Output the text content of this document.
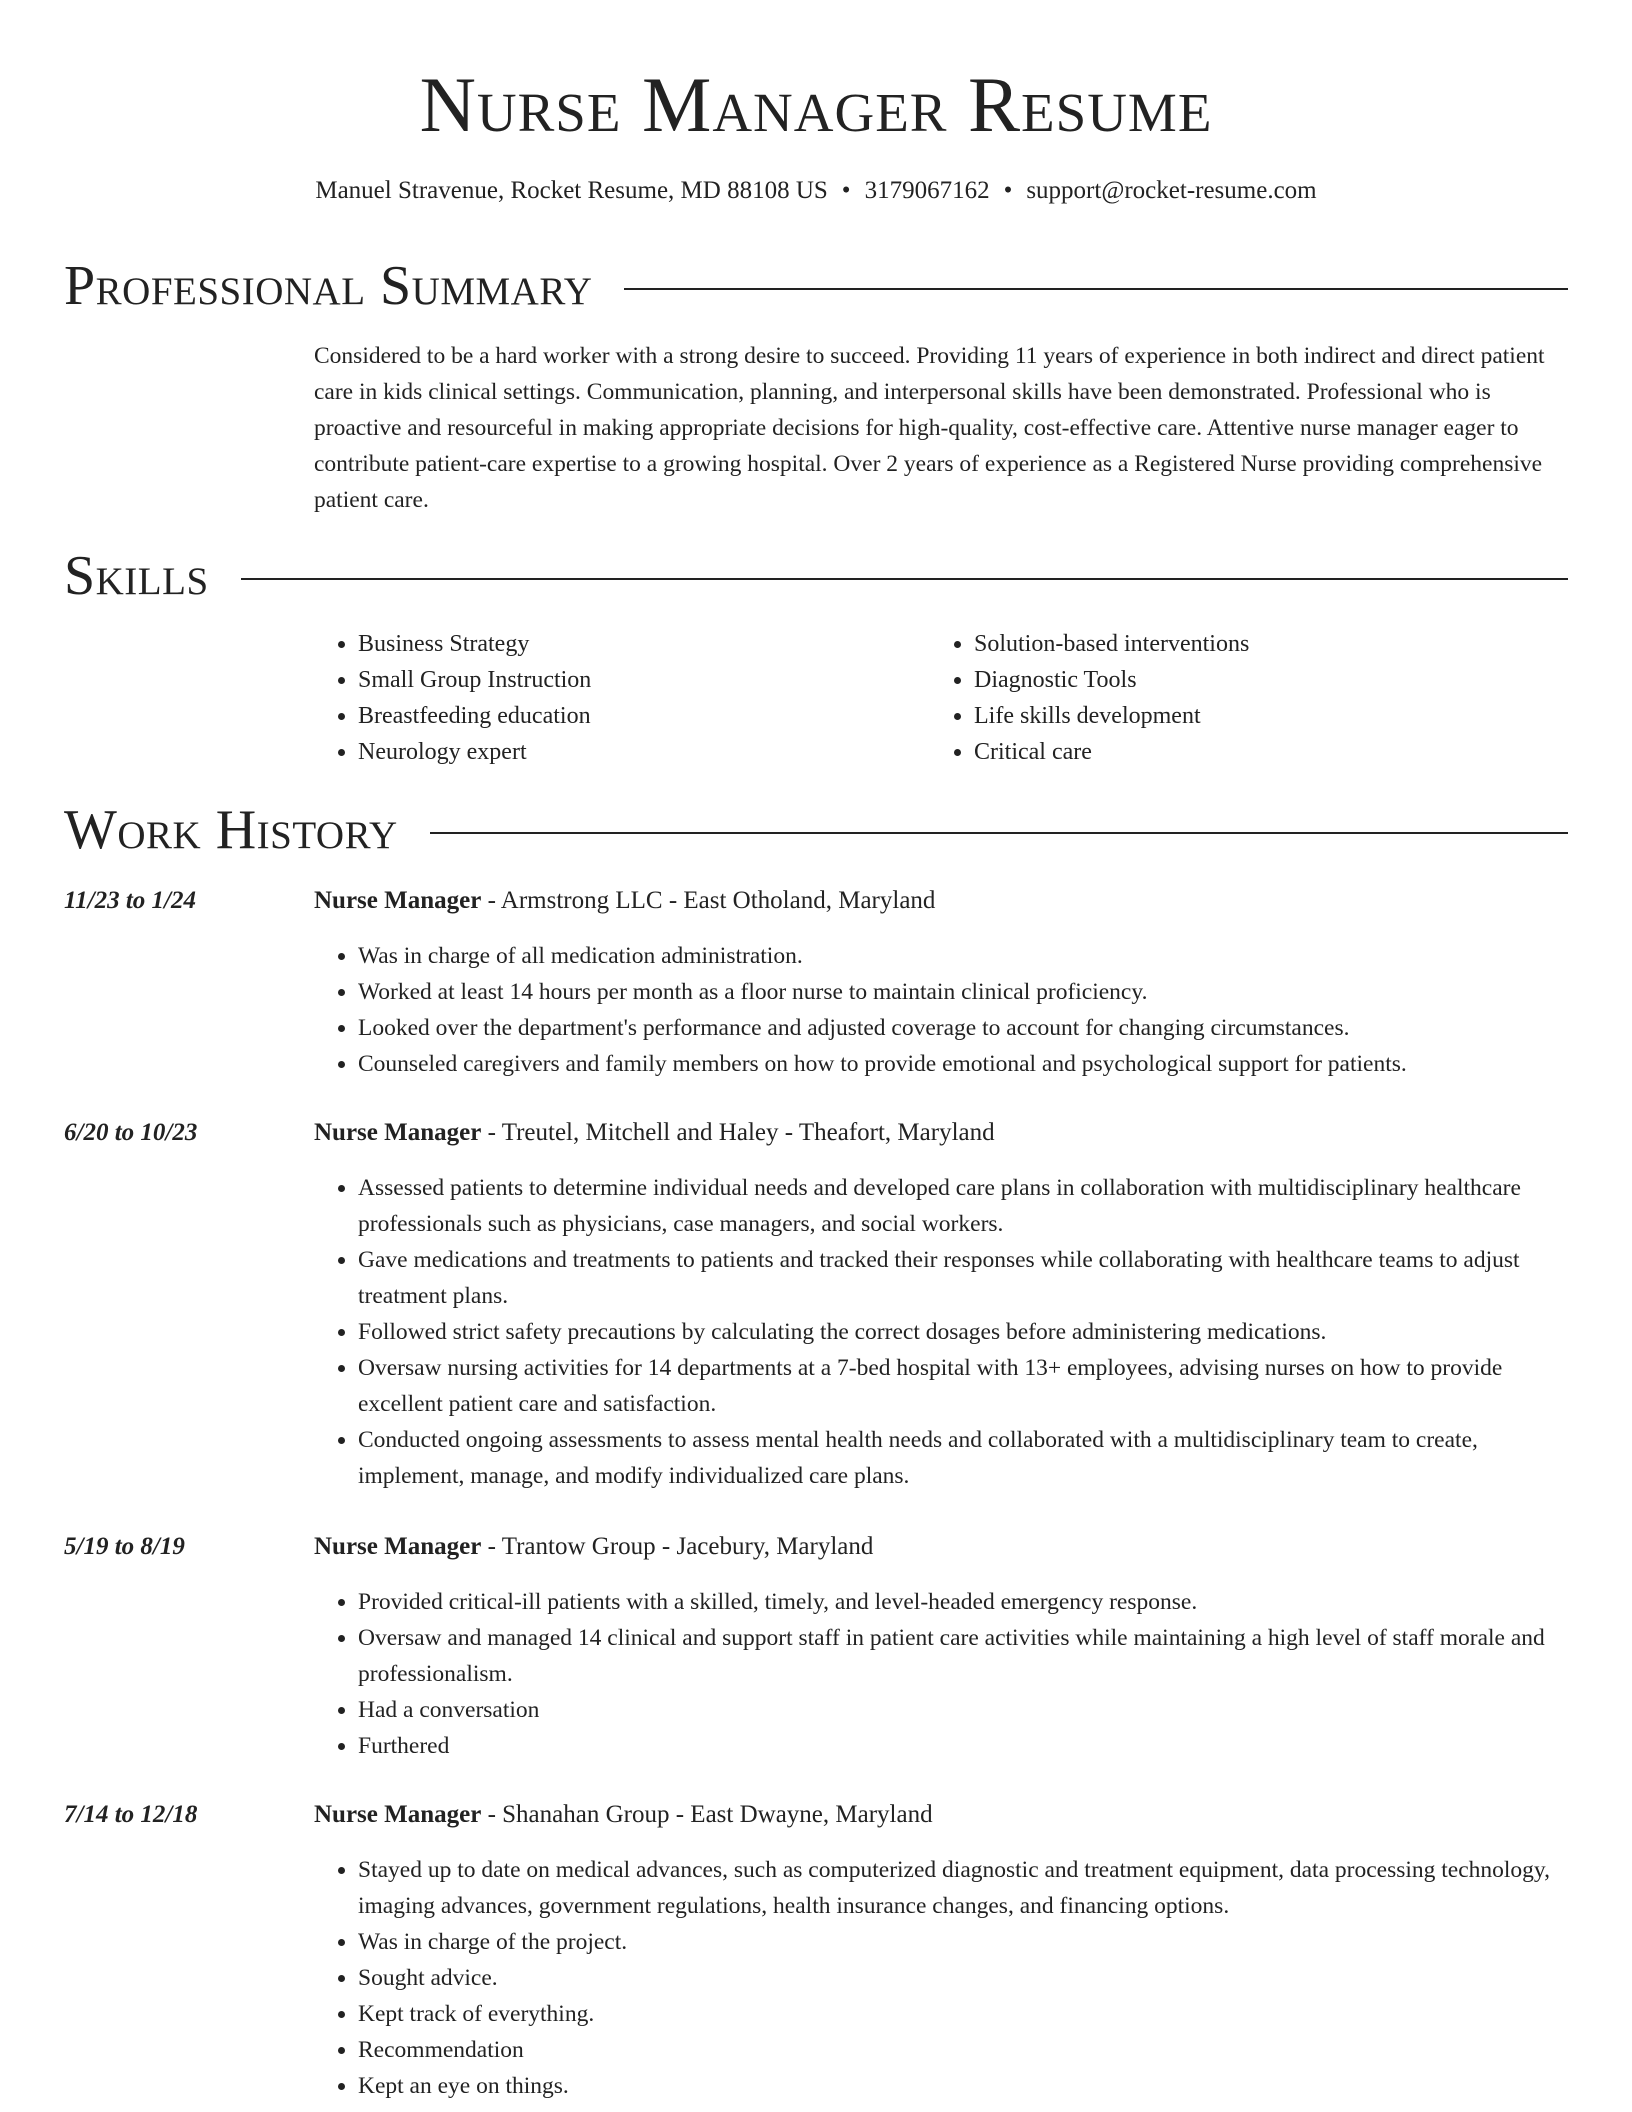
Nurse Manager Resume
Manuel Stravenue, Rocket Resume, MD 88108 US • 3179067162 • support@rocket-resume.com
Professional Summary

Considered to be a hard worker with a strong desire to succeed. Providing 11 years of experience in both indirect and direct patient care in kids clinical settings. Communication, planning, and interpersonal skills have been demonstrated. Professional who is proactive and resourceful in making appropriate decisions for high-quality, cost-effective care. Attentive nurse manager eager to contribute patient-care expertise to a growing hospital. Over 2 years of experience as a Registered Nurse providing comprehensive patient care.

Skills
• Business Strategy
• Small Group Instruction
• Breastfeeding education
• Neurology expert
• Solution-based interventions
• Diagnostic Tools
• Life skills development
• Critical care
Work History
11/23 to 1/24	Nurse Manager - Armstrong LLC - East Otholand, Maryland
• Was in charge of all medication administration.
• Worked at least 14 hours per month as a floor nurse to maintain clinical proficiency.
• Looked over the department's performance and adjusted coverage to account for changing circumstances.
• Counseled caregivers and family members on how to provide emotional and psychological support for patients.
6/20 to 10/23	Nurse Manager - Treutel, Mitchell and Haley - Theafort, Maryland
• Assessed patients to determine individual needs and developed care plans in collaboration with multidisciplinary healthcare professionals such as physicians, case managers, and social workers.
• Gave medications and treatments to patients and tracked their responses while collaborating with healthcare teams to adjust treatment plans.
• Followed strict safety precautions by calculating the correct dosages before administering medications.
• Oversaw nursing activities for 14 departments at a 7-bed hospital with 13+ employees, advising nurses on how to provide excellent patient care and satisfaction.
• Conducted ongoing assessments to assess mental health needs and collaborated with a multidisciplinary team to create, implement, manage, and modify individualized care plans.
5/19 to 8/19	Nurse Manager - Trantow Group - Jacebury, Maryland
• Provided critical-ill patients with a skilled, timely, and level-headed emergency response.
• Oversaw and managed 14 clinical and support staff in patient care activities while maintaining a high level of staff morale and professionalism.
• Had a conversation
• Furthered
7/14 to 12/18	Nurse Manager - Shanahan Group - East Dwayne, Maryland
• Stayed up to date on medical advances, such as computerized diagnostic and treatment equipment, data processing technology, imaging advances, government regulations, health insurance changes, and financing options.
• Was in charge of the project.
• Sought advice.
• Kept track of everything.
• Recommendation
• Kept an eye on things.
